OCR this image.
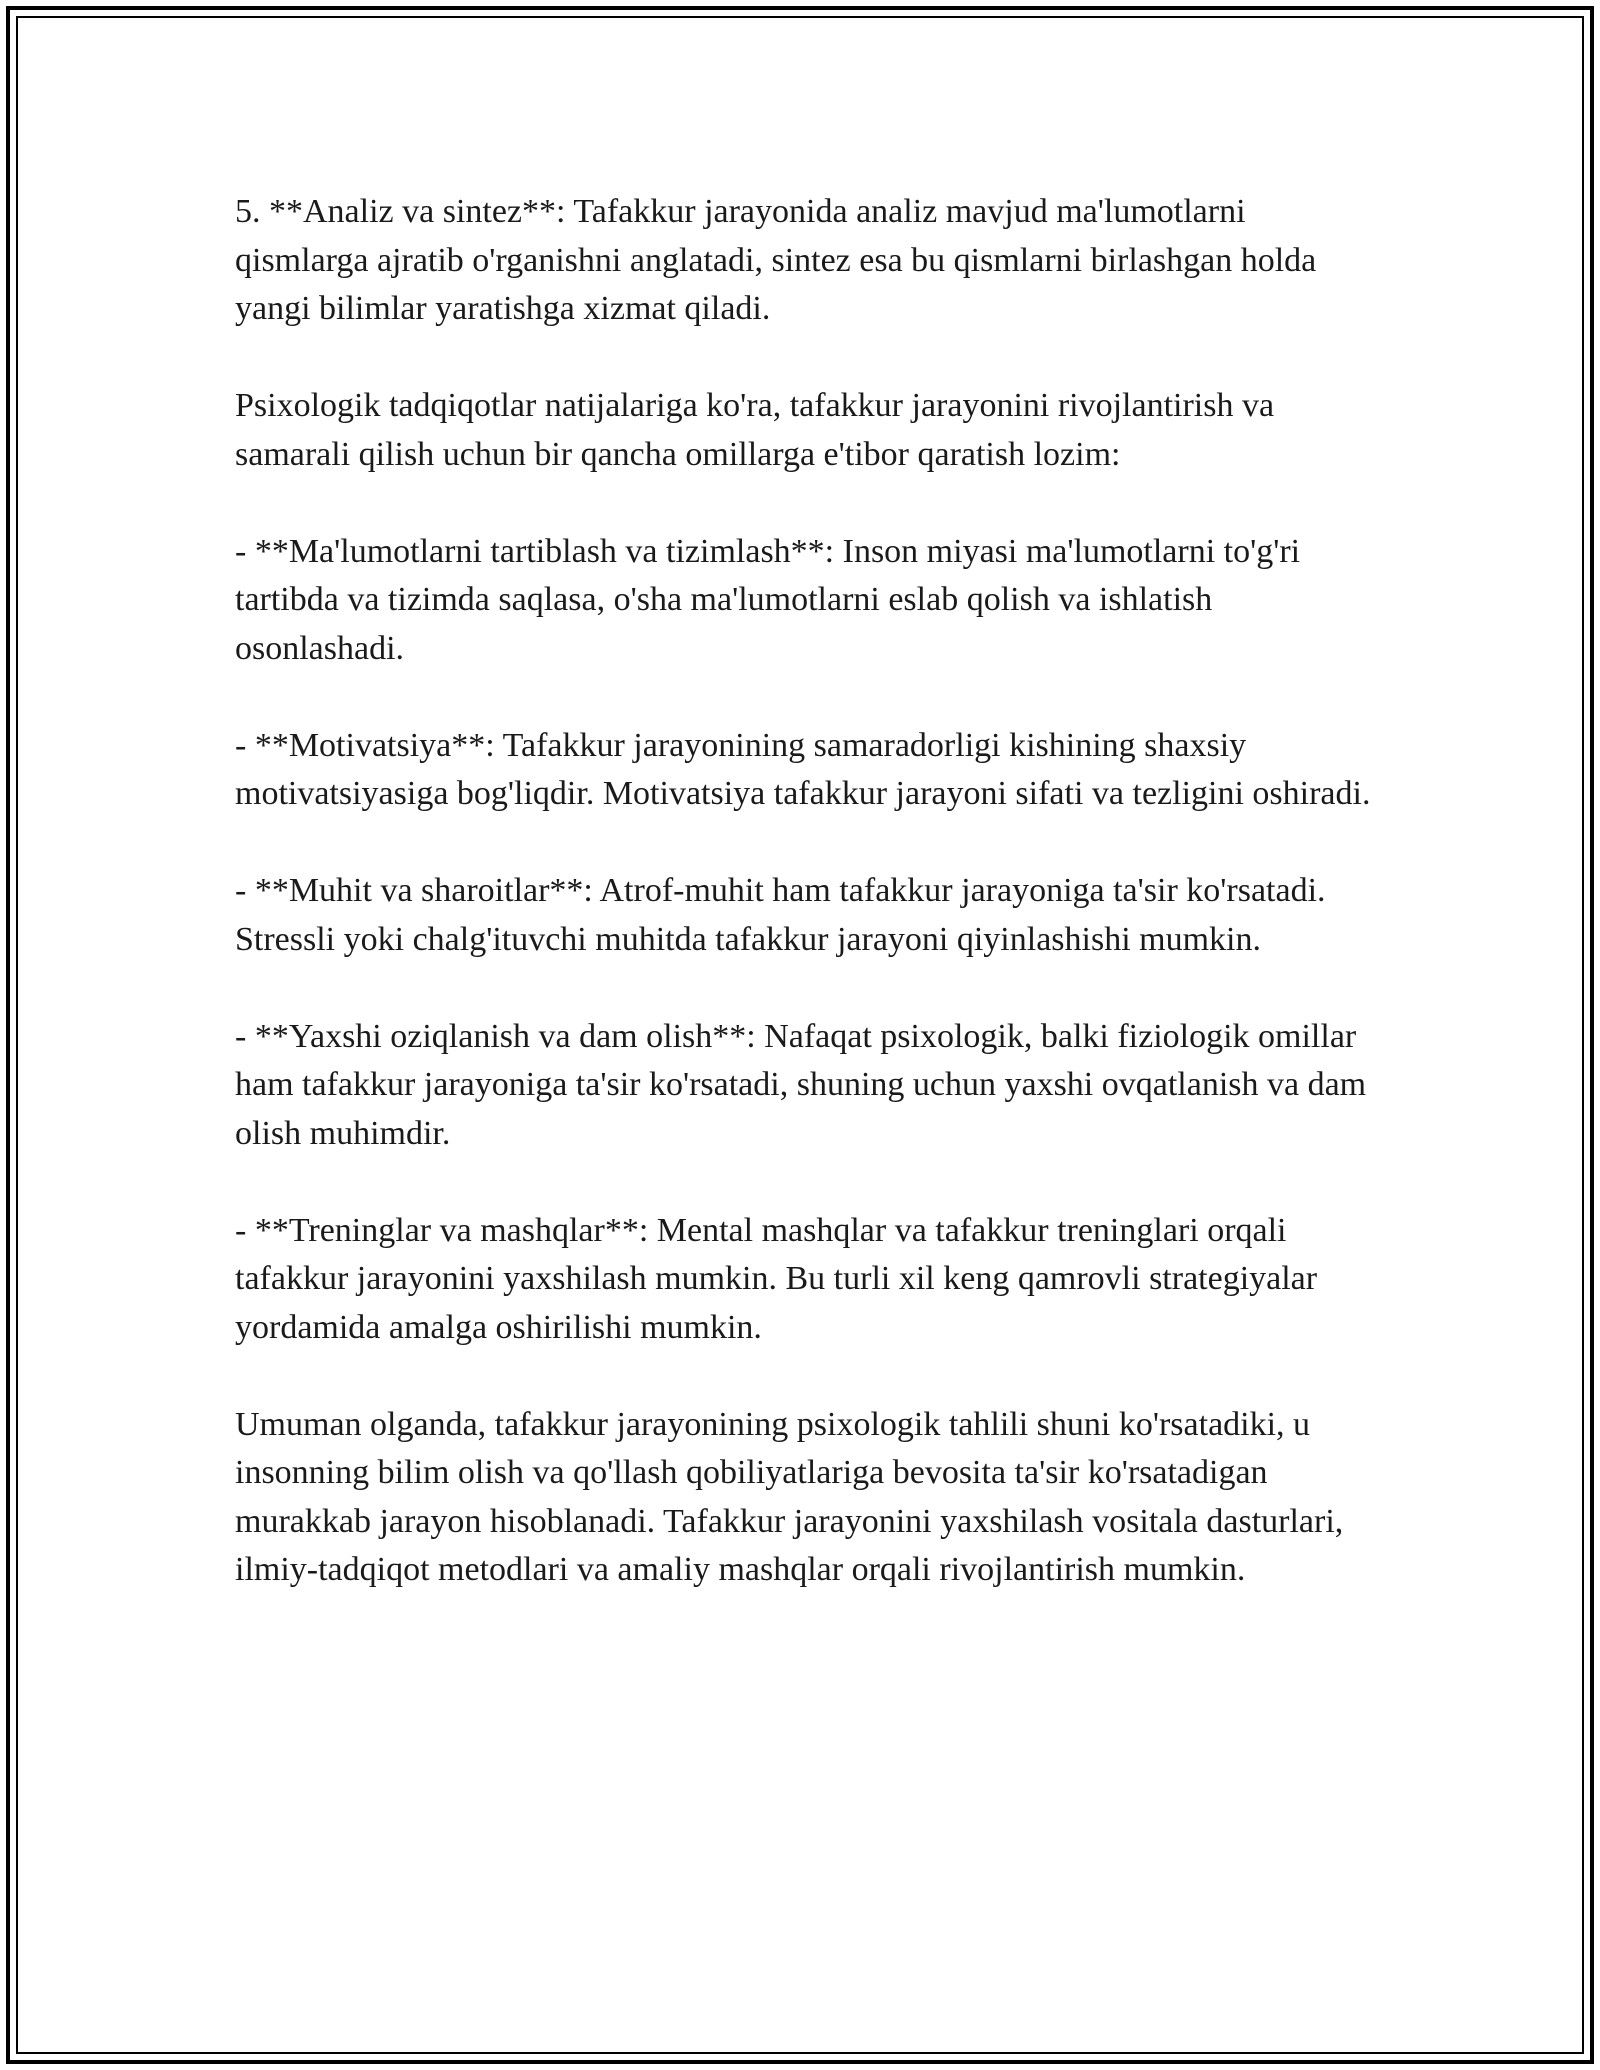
5. **Analiz va sintez**: Tafakkur jarayonida analiz mavjud ma'lumotlarni qismlarga ajratib o'rganishni anglatadi, sintez esa bu qismlarni birlashgan holda yangi bilimlar yaratishga xizmat qiladi.

Psixologik tadqiqotlar natijalariga ko'ra, tafakkur jarayonini rivojlantirish va samarali qilish uchun bir qancha omillarga e'tibor qaratish lozim:

- **Ma'lumotlarni tartiblash va tizimlash**: Inson miyasi ma'lumotlarni to'g'ri tartibda va tizimda saqlasa, o'sha ma'lumotlarni eslab qolish va ishlatish osonlashadi.

- **Motivatsiya**: Tafakkur jarayonining samaradorligi kishining shaxsiy motivatsiyasiga bog'liqdir. Motivatsiya tafakkur jarayoni sifati va tezligini oshiradi.

- **Muhit va sharoitlar**: Atrof-muhit ham tafakkur jarayoniga ta'sir ko'rsatadi. Stressli yoki chalg'ituvchi muhitda tafakkur jarayoni qiyinlashishi mumkin.

- **Yaxshi oziqlanish va dam olish**: Nafaqat psixologik, balki fiziologik omillar ham tafakkur jarayoniga ta'sir ko'rsatadi, shuning uchun yaxshi ovqatlanish va dam olish muhimdir.

- **Treninglar va mashqlar**: Mental mashqlar va tafakkur treninglari orqali tafakkur jarayonini yaxshilash mumkin. Bu turli xil keng qamrovli strategiyalar yordamida amalga oshirilishi mumkin.

Umuman olganda, tafakkur jarayonining psixologik tahlili shuni ko'rsatadiki, u insonning bilim olish va qo'llash qobiliyatlariga bevosita ta'sir ko'rsatadigan murakkab jarayon hisoblanadi. Tafakkur jarayonini yaxshilash vositala dasturlari, ilmiy-tadqiqot metodlari va amaliy mashqlar orqali rivojlantirish mumkin.
